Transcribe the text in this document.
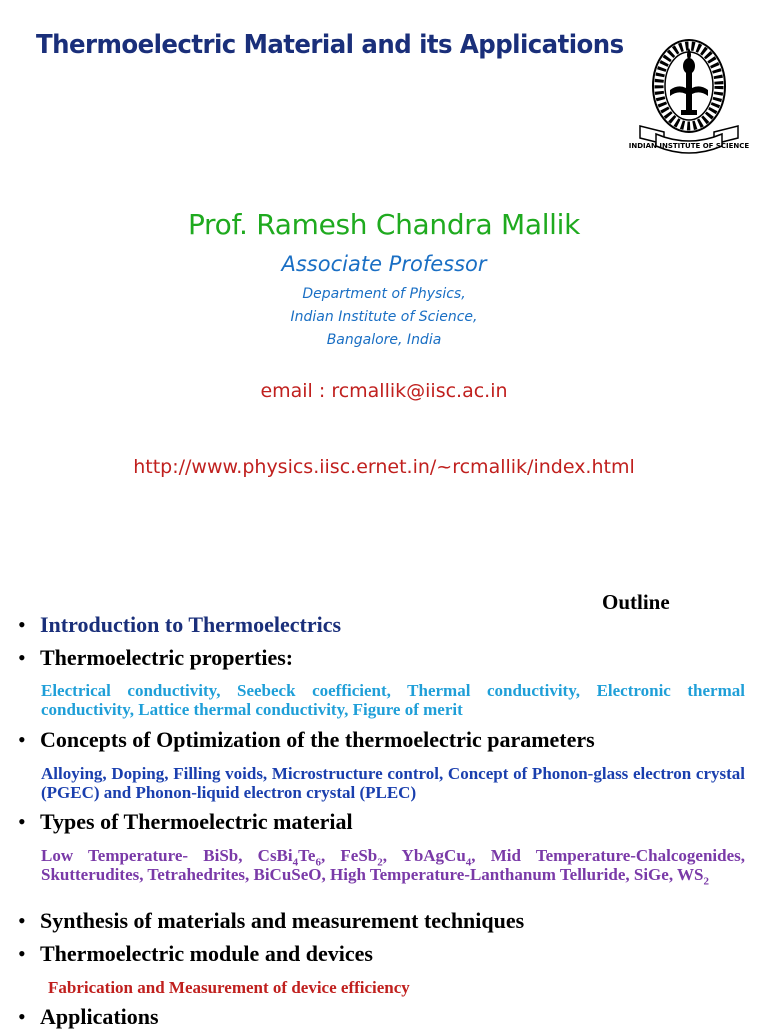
Thermoelectric Material and its Applications
INDIAN INSTITUTE OF SCIENCE
Prof. Ramesh Chandra Mallik
Associate Professor
Department of Physics,
Indian Institute of Science,
Bangalore, India
email : rcmallik@iisc.ac.in
http://www.physics.iisc.ernet.in/~rcmallik/index.html
Outline
• Introduction to Thermoelectrics
• Thermoelectric properties:
Electrical conductivity, Seebeck coefficient, Thermal conductivity, Electronic thermal conductivity, Lattice thermal conductivity, Figure of merit
• Concepts of Optimization of the thermoelectric parameters
Alloying, Doping, Filling voids, Microstructure control, Concept of Phonon-glass electron crystal (PGEC) and Phonon-liquid electron crystal (PLEC)
• Types of Thermoelectric material
Low Temperature- BiSb, $CsBi_4Te_6$, FeSb$_2$, YbAgCu$_4$, Mid Temperature-Chalcogenides, Skutterudites, Tetrahedrites, BiCuSeO, High Temperature-Lanthanum Telluride, SiGe, $WS_2$
• Synthesis of materials and measurement techniques
• Thermoelectric module and devices
Fabrication and Measurement of device efficiency
• Applications
